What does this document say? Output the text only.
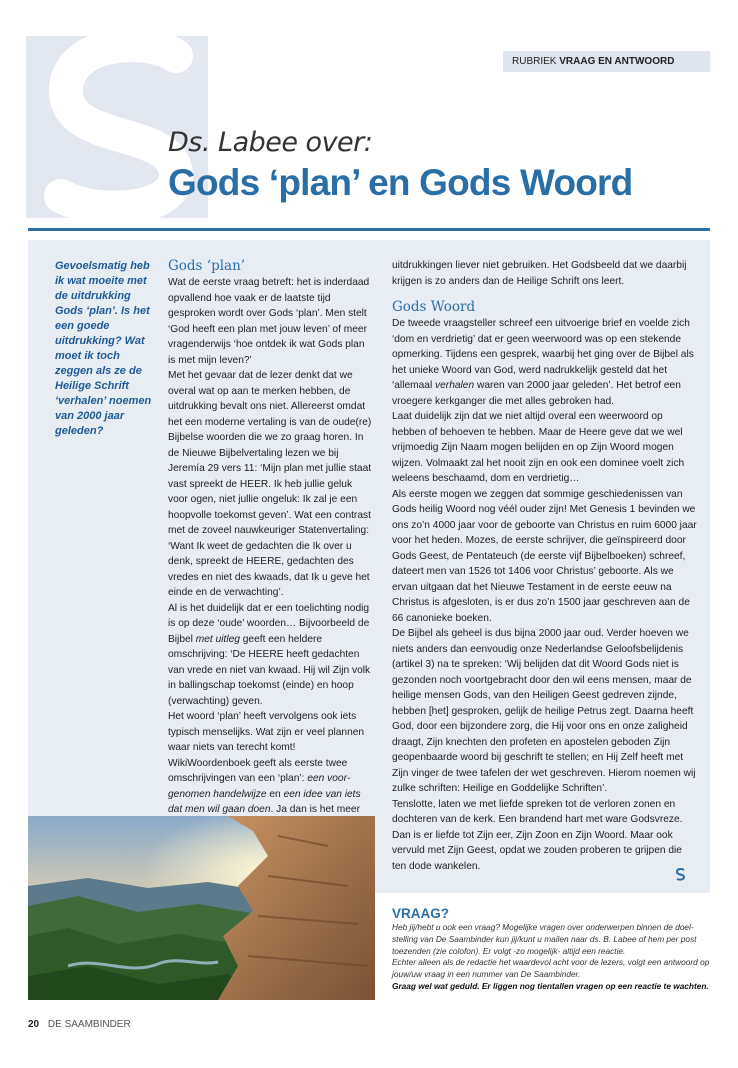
RUBRIEK VRAAG EN ANTWOORD
Ds. Labee over:
Gods ‘plan’ en Gods Woord
Gevoelsmatig heb ik wat moeite met de uitdrukking Gods ‘plan’. Is het een goede uitdrukking? Wat moet ik toch zeggen als ze de Heilige Schrift ‘verhalen’ noemen van 2000 jaar geleden?
Gods ‘plan’

Wat de eerste vraag betreft: het is inderdaad opvallend hoe vaak er de laatste tijd gesproken wordt over Gods ‘plan’. Men stelt ‘God heeft een plan met jouw leven’ of meer vragenderwijs ‘hoe ontdek ik wat Gods plan is met mijn leven?’

Met het gevaar dat de lezer denkt dat we overal wat op aan te merken hebben, de uitdrukking bevalt ons niet. Allereerst omdat het een moderne vertaling is van de oude(re) Bijbelse woorden die we zo graag horen. In de Nieuwe Bijbelvertaling lezen we bij Jeremía 29 vers 11: ‘Mijn plan met jullie staat vast spreekt de HEER. Ik heb jullie geluk voor ogen, niet jullie ongeluk: Ik zal je een hoopvolle toekomst geven’. Wat een contrast met de zoveel nauwkeuriger Statenvertaling: ‘Want Ik weet de gedachten die Ik over u denk, spreekt de HEERE, gedachten des vredes en niet des kwaads, dat Ik u geve het einde en de verwachting’.

Al is het duidelijk dat er een toelichting nodig is op deze ‘oude’ woorden… Bijvoorbeeld de Bijbel met uitleg geeft een heldere omschrijving: ‘De HEERE heeft gedachten van vrede en niet van kwaad. Hij wil Zijn volk in ballingschap toekomst (einde) en hoop (verwachting) geven.

Het woord ‘plan’ heeft vervolgens ook iets typisch menselijks. Wat zijn er veel plannen waar niets van terecht komt!

WikiWoordenboek geeft als eerste twee omschrijvingen van een ‘plan’: een voorgenomen handelwijze en een idee van iets dat men wil gaan doen. Ja dan is het meer

uitdrukkingen liever niet gebruiken. Het Godsbeeld dat we daarbij krijgen is zo anders dan de Heilige Schrift ons leert.

Gods Woord

De tweede vraagsteller schreef een uitvoerige brief en voelde zich ‘dom en verdrietig’ dat er geen weerwoord was op een stekende opmerking. Tijdens een gesprek, waarbij het ging over de Bijbel als het unieke Woord van God, werd nadrukkelijk gesteld dat het ‘allemaal verhalen waren van 2000 jaar geleden’. Het betrof een vroegere kerkganger die met alles gebroken had.

Laat duidelijk zijn dat we niet altijd overal een weerwoord op hebben of behoeven te hebben. Maar de Heere geve dat we wel vrijmoedig Zijn Naam mogen belijden en op Zijn Woord mogen wijzen. Volmaakt zal het nooit zijn en ook een dominee voelt zich weleens beschaamd, dom en verdrietig…

Als eerste mogen we zeggen dat sommige geschiedenissen van Gods heilig Woord nog véél ouder zijn! Met Genesis 1 bevinden we ons zo’n 4000 jaar voor de geboorte van Christus en ruim 6000 jaar voor het heden. Mozes, de eerste schrijver, die geïnspireerd door Gods Geest, de Pentateuch (de eerste vijf Bijbelboeken) schreef, dateert men van 1526 tot 1406 voor Christus’ geboorte. Als we ervan uitgaan dat het Nieuwe Testament in de eerste eeuw na Christus is afgesloten, is er dus zo’n 1500 jaar geschreven aan de 66 canonieke boeken.

De Bijbel als geheel is dus bijna 2000 jaar oud. Verder hoeven we niets anders dan eenvoudig onze Nederlandse Geloofsbelijdenis (artikel 3) na te spreken: ‘Wij belijden dat dit Woord Gods niet is gezonden noch voortgebracht door den wil eens mensen, maar de heilige mensen Gods, van den Heiligen Geest gedreven zijnde, hebben [het] gesproken, gelijk de heilige Petrus zegt. Daarna heeft God, door een bijzondere zorg, die Hij voor ons en onze zaligheid draagt, Zijn knechten den profeten en apostelen geboden Zijn geopenbaarde woord bij geschrift te stellen; en Hij Zelf heeft met Zijn vinger de twee tafelen der wet geschreven. Hierom noemen wij zulke schriften: Heilige en Goddelijke Schriften’.

Tenslotte, laten we met liefde spreken tot de verloren zonen en dochteren van de kerk. Een brandend hart met ware Godsvreze. Dan is er liefde tot Zijn eer, Zijn Zoon en Zijn Woord. Maar ook vervuld met Zijn Geest, opdat we zouden proberen te grijpen die ten dode wankelen.

VRAAG?

Heb jij/hebt u ook een vraag? Mogelijke vragen over onderwerpen binnen de doelstelling van De Saambinder kun jij/kunt u mailen naar ds. B. Labee of hem per post toezenden (zie colofon). Er volgt -zo mogelijk- altijd een reactie.

Echter alleen als de redactie het waardevol acht voor de lezers, volgt een antwoord op jouw/uw vraag in een nummer van De Saambinder.

Graag wel wat geduld. Er liggen nog tientallen vragen op een reactie te wachten.

20 DE SAAMBINDER
